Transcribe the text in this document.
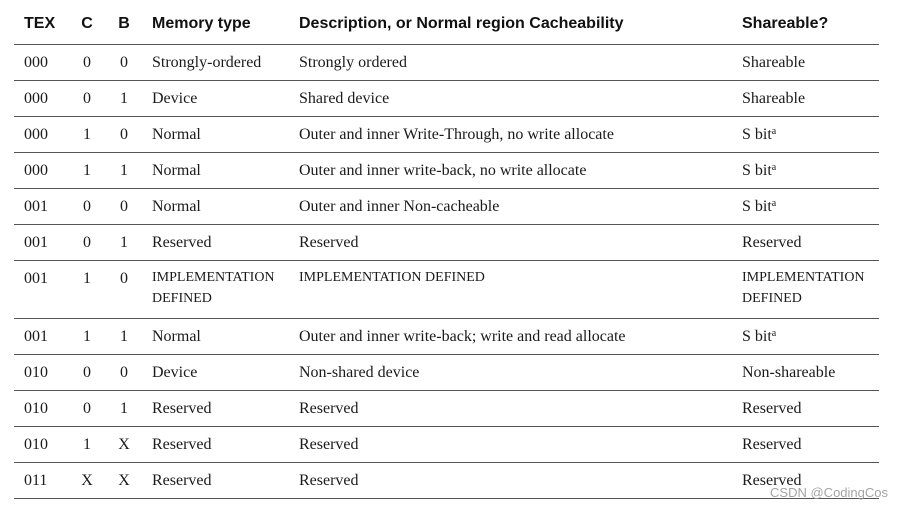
TEX	C	B	Memory type	Description, or Normal region Cacheability	Shareable?
000	0	0	Strongly-ordered	Strongly ordered	Shareable
000	0	1	Device	Shared device	Shareable
000	1	0	Normal	Outer and inner Write-Through, no write allocate	S bit$^a$
000	1	1	Normal	Outer and inner write-back, no write allocate	S bit$^a$
001	0	0	Normal	Outer and inner Non-cacheable	S bit$^a$
001	0	1	Reserved	Reserved	Reserved
001	1	0	IMPLEMENTATION DEFINED	IMPLEMENTATION DEFINED	IMPLEMENTATION DEFINED
001	1	1	Normal	Outer and inner write-back; write and read allocate	S bit$^a$
010	0	0	Device	Non-shared device	Non-shareable
010	0	1	Reserved	Reserved	Reserved
010	1	X	Reserved	Reserved	Reserved
011	X	X	Reserved	Reserved	Reserved
CSDN @CodingCos
